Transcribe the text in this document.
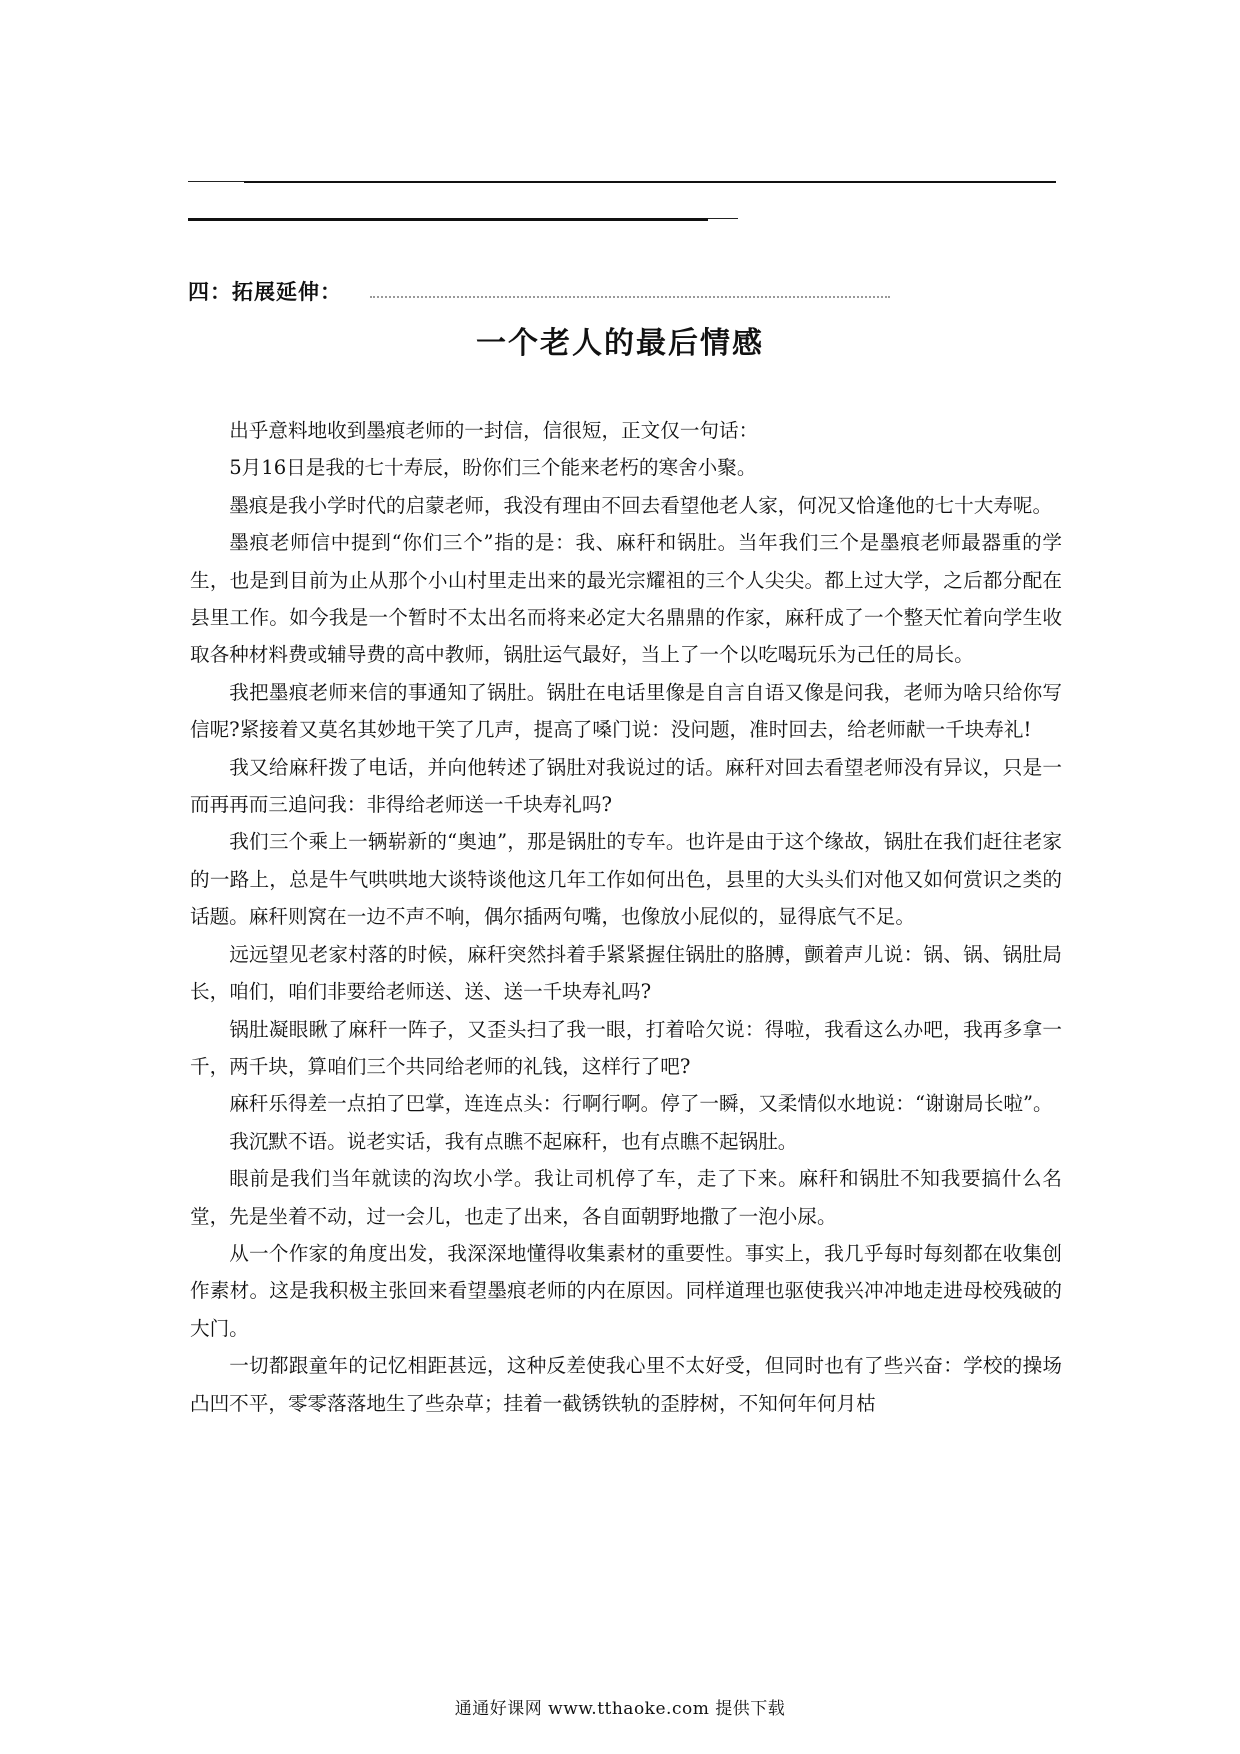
四：拓展延伸：
一个老人的最后情感

出乎意料地收到墨痕老师的一封信，信很短，正文仅一句话：

5月16日是我的七十寿辰，盼你们三个能来老朽的寒舍小聚。

墨痕是我小学时代的启蒙老师，我没有理由不回去看望他老人家，何况又恰逢他的七十大寿呢。

墨痕老师信中提到“你们三个”指的是：我、麻秆和锅肚。当年我们三个是墨痕老师最器重的学生，也是到目前为止从那个小山村里走出来的最光宗耀祖的三个人尖尖。都上过大学，之后都分配在县里工作。如今我是一个暂时不太出名而将来必定大名鼎鼎的作家，麻秆成了一个整天忙着向学生收取各种材料费或辅导费的高中教师，锅肚运气最好，当上了一个以吃喝玩乐为己任的局长。

我把墨痕老师来信的事通知了锅肚。锅肚在电话里像是自言自语又像是问我，老师为啥只给你写信呢?紧接着又莫名其妙地干笑了几声，提高了嗓门说：没问题，准时回去，给老师献一千块寿礼!

我又给麻秆拨了电话，并向他转述了锅肚对我说过的话。麻秆对回去看望老师没有异议，只是一而再再而三追问我：非得给老师送一千块寿礼吗?

我们三个乘上一辆崭新的“奥迪”，那是锅肚的专车。也许是由于这个缘故，锅肚在我们赶往老家的一路上，总是牛气哄哄地大谈特谈他这几年工作如何出色，县里的大头头们对他又如何赏识之类的话题。麻秆则窝在一边不声不响，偶尔插两句嘴，也像放小屁似的，显得底气不足。

远远望见老家村落的时候，麻秆突然抖着手紧紧握住锅肚的胳膊，颤着声儿说：锅、锅、锅肚局长，咱们，咱们非要给老师送、送、送一千块寿礼吗?

锅肚凝眼瞅了麻秆一阵子，又歪头扫了我一眼，打着哈欠说：得啦，我看这么办吧，我再多拿一千，两千块，算咱们三个共同给老师的礼钱，这样行了吧?

麻秆乐得差一点拍了巴掌，连连点头：行啊行啊。停了一瞬，又柔情似水地说：“谢谢局长啦”。

我沉默不语。说老实话，我有点瞧不起麻秆，也有点瞧不起锅肚。

眼前是我们当年就读的沟坎小学。我让司机停了车，走了下来。麻秆和锅肚不知我要搞什么名堂，先是坐着不动，过一会儿，也走了出来，各自面朝野地撒了一泡小尿。

从一个作家的角度出发，我深深地懂得收集素材的重要性。事实上，我几乎每时每刻都在收集创作素材。这是我积极主张回来看望墨痕老师的内在原因。同样道理也驱使我兴冲冲地走进母校残破的大门。

一切都跟童年的记忆相距甚远，这种反差使我心里不太好受，但同时也有了些兴奋：学校的操场凸凹不平，零零落落地生了些杂草；挂着一截锈铁轨的歪脖树，不知何年何月枯

通通好课网 www.tthaoke.com 提供下载
